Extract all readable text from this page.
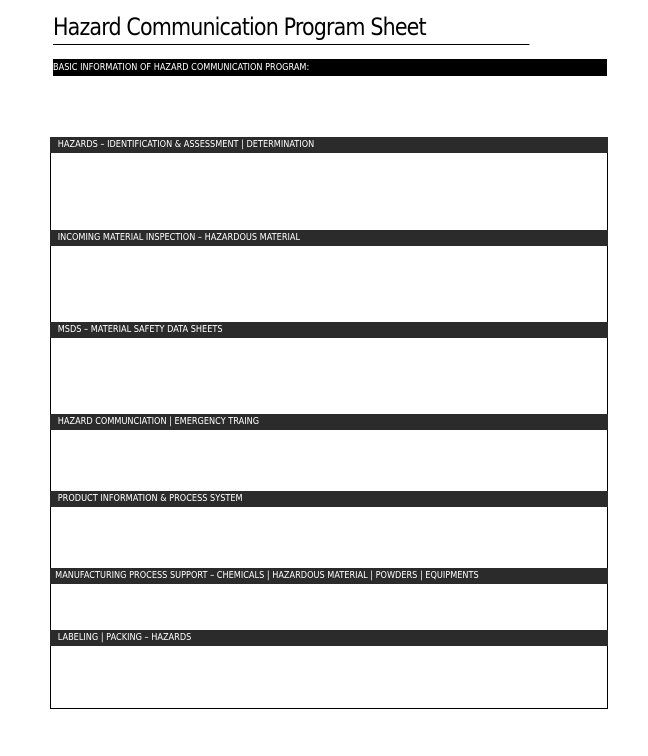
Hazard Communication Program Sheet
BASIC INFORMATION OF HAZARD COMMUNICATION PROGRAM:
HAZARDS – IDENTIFICATION & ASSESSMENT | DETERMINATION
INCOMING MATERIAL INSPECTION – HAZARDOUS MATERIAL
MSDS – MATERIAL SAFETY DATA SHEETS
HAZARD COMMUNCIATION | EMERGENCY TRAING
PRODUCT INFORMATION & PROCESS SYSTEM
MANUFACTURING PROCESS SUPPORT – CHEMICALS | HAZARDOUS MATERIAL | POWDERS | EQUIPMENTS
LABELING | PACKING – HAZARDS
